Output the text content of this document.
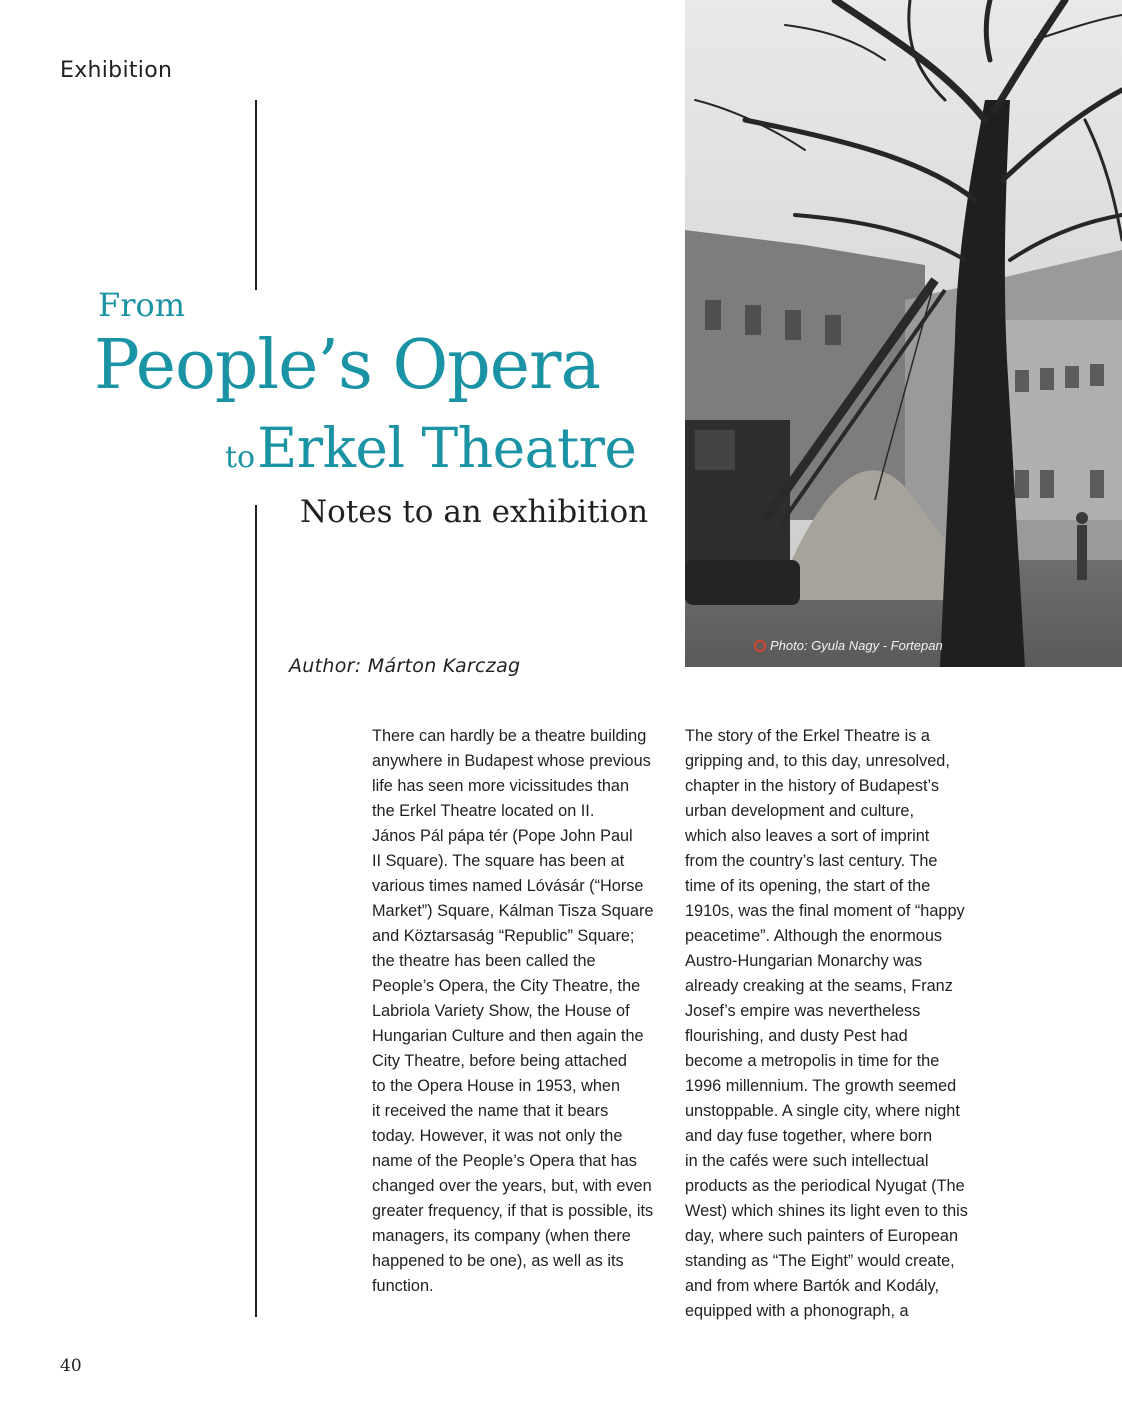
Exhibition
From
People’s Opera
toErkel Theatre
Notes to an exhibition
Author: Márton Karczag
Photo: Gyula Nagy - Fortepan

There can hardly be a theatre building

anywhere in Budapest whose previous

life has seen more vicissitudes than

the Erkel Theatre located on II.

János Pál pápa tér (Pope John Paul

II Square). The square has been at

various times named Lóvásár (“Horse

Market”) Square, Kálman Tisza Square

and Köztarsaság “Republic” Square;

the theatre has been called the

People’s Opera, the City Theatre, the

Labriola Variety Show, the House of

Hungarian Culture and then again the

City Theatre, before being attached

to the Opera House in 1953, when

it received the name that it bears

today. However, it was not only the

name of the People’s Opera that has

changed over the years, but, with even

greater frequency, if that is possible, its

managers, its company (when there

happened to be one), as well as its

function.

The story of the Erkel Theatre is a

gripping and, to this day, unresolved,

chapter in the history of Budapest’s

urban development and culture,

which also leaves a sort of imprint

from the country’s last century. The

time of its opening, the start of the

1910s, was the final moment of “happy

peacetime”. Although the enormous

Austro-Hungarian Monarchy was

already creaking at the seams, Franz

Josef’s empire was nevertheless

flourishing, and dusty Pest had

become a metropolis in time for the

1996 millennium. The growth seemed

unstoppable. A single city, where night

and day fuse together, where born

in the cafés were such intellectual

products as the periodical Nyugat (The

West) which shines its light even to this

day, where such painters of European

standing as “The Eight” would create,

and from where Bartók and Kodály,

equipped with a phonograph, a

40
